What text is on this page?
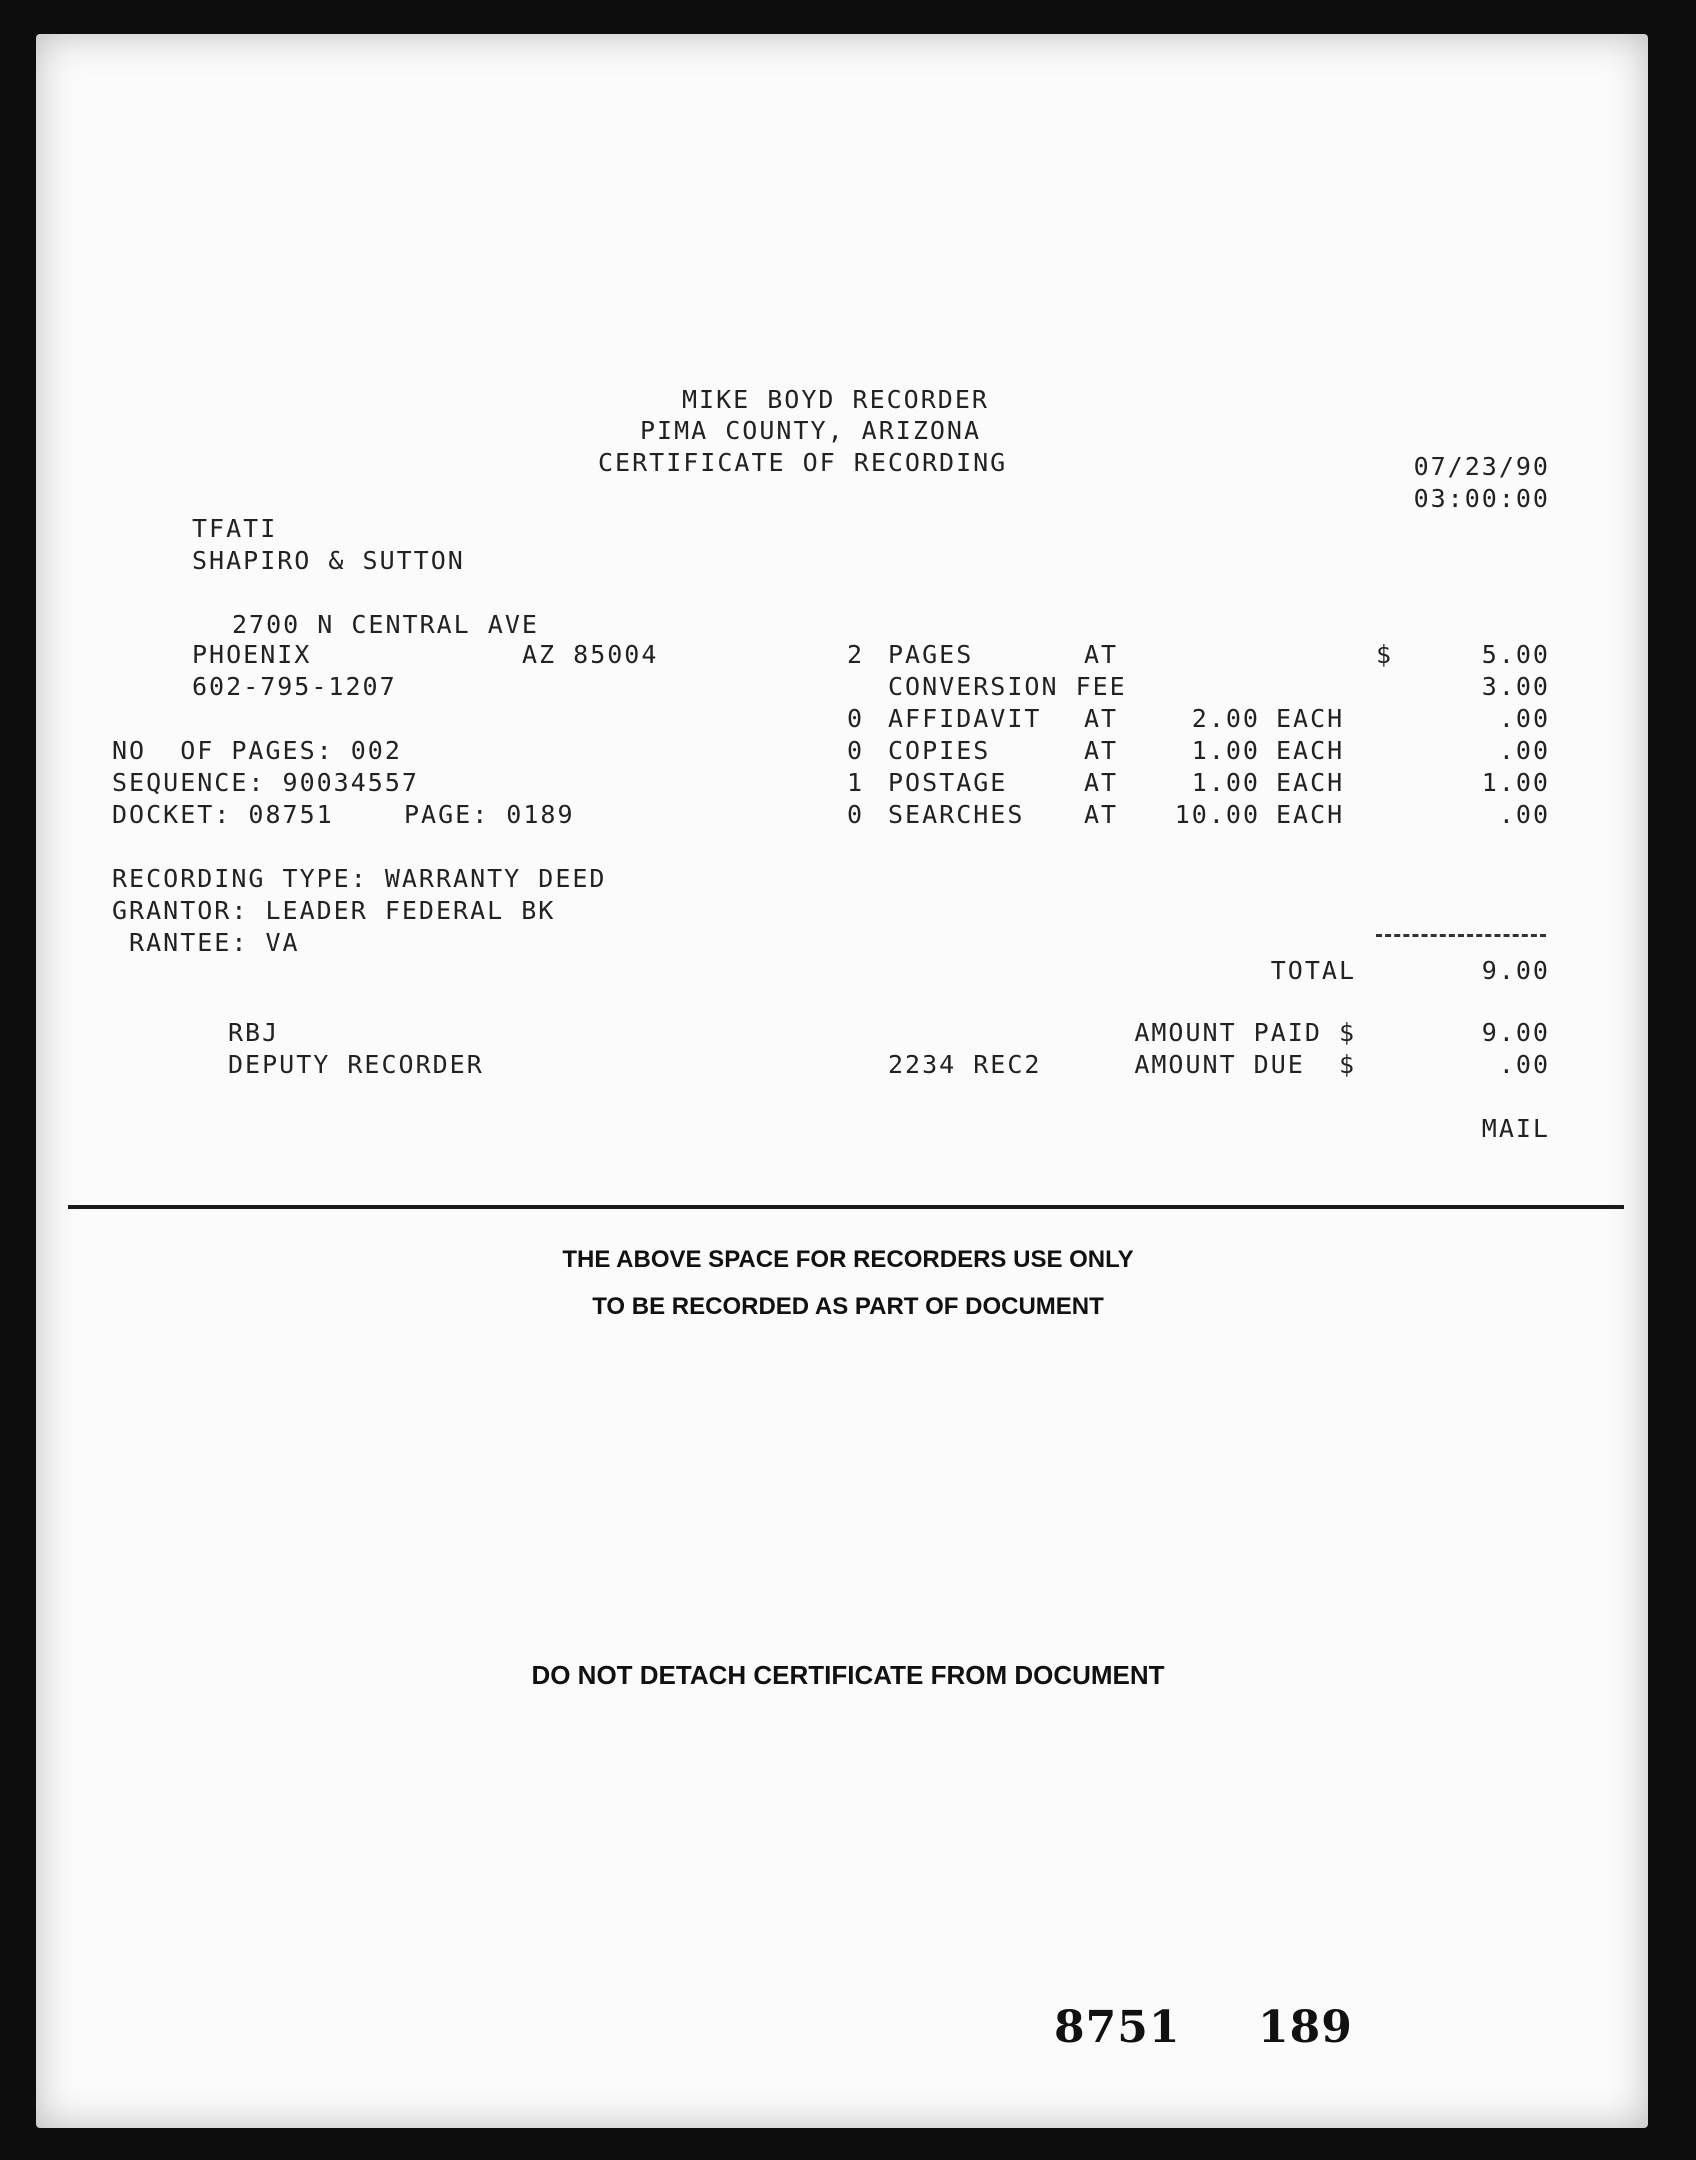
MIKE BOYD RECORDER
PIMA COUNTY, ARIZONA
CERTIFICATE OF RECORDING	07/23/90
03:00:00
TFATI
SHAPIRO & SUTTON
2700 N CENTRAL AVE
PHOENIX	AZ 85004
602-795-1207
NO  OF PAGES: 002
SEQUENCE: 90034557
DOCKET: 08751	PAGE: 0189
RECORDING TYPE: WARRANTY DEED
GRANTOR: LEADER FEDERAL BK
RANTEE: VA
2 PAGES	AT	$	5.00
CONVERSION FEE	3.00
0 AFFIDAVIT AT	2.00 EACH	.00
0 COPIES	AT	1.00 EACH	.00
1 POSTAGE	AT	1.00 EACH	1.00
0 SEARCHES AT	10.00 EACH	.00
TOTAL	9.00
AMOUNT PAID $	9.00
AMOUNT DUE  $	.00
MAIL
RBJ
DEPUTY RECORDER	2234 REC2
THE ABOVE SPACE FOR RECORDERS USE ONLY
TO BE RECORDED AS PART OF DOCUMENT
DO NOT DETACH CERTIFICATE FROM DOCUMENT
8751 189
